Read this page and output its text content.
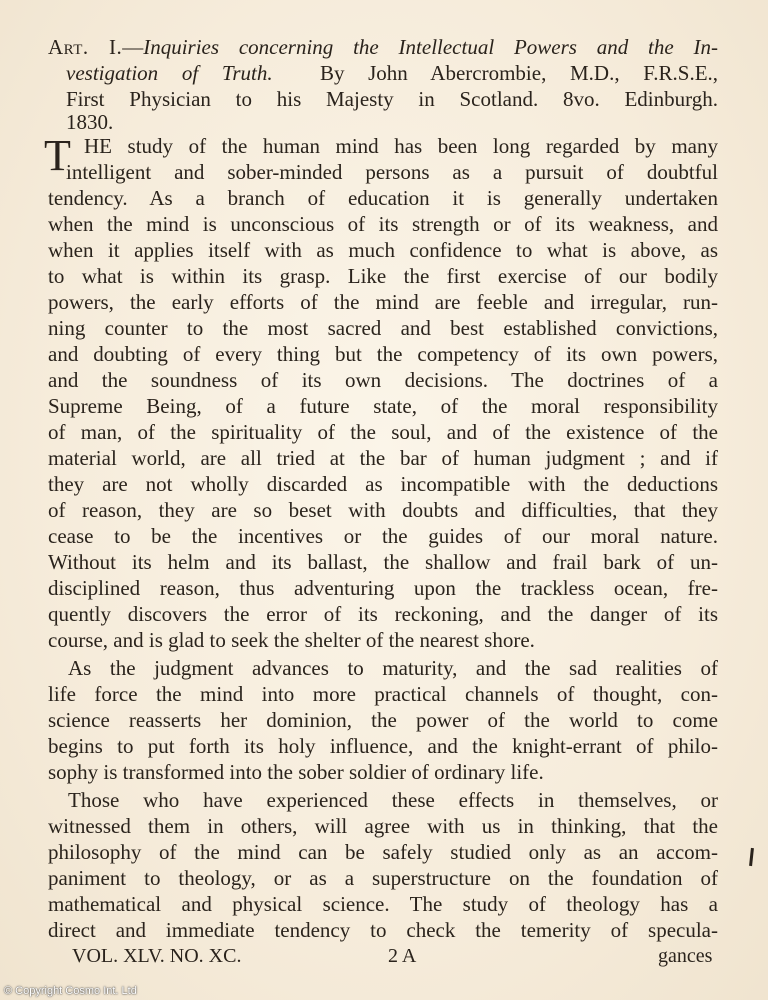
Art. I.—Inquiries concerning the Intellectual Powers and the In-
vestigation of Truth. By John Abercrombie, M.D., F.R.S.E.,
First Physician to his Majesty in Scotland. 8vo. Edinburgh.
1830.
T HE study of the human mind has been long regarded by many
intelligent and sober-minded persons as a pursuit of doubtful
tendency. As a branch of education it is generally undertaken
when the mind is unconscious of its strength or of its weakness, and
when it applies itself with as much confidence to what is above, as
to what is within its grasp. Like the first exercise of our bodily
powers, the early efforts of the mind are feeble and irregular, run-
ning counter to the most sacred and best established convictions,
and doubting of every thing but the competency of its own powers,
and the soundness of its own decisions. The doctrines of a
Supreme Being, of a future state, of the moral responsibility
of man, of the spirituality of the soul, and of the existence of the
material world, are all tried at the bar of human judgment ; and if
they are not wholly discarded as incompatible with the deductions
of reason, they are so beset with doubts and difficulties, that they
cease to be the incentives or the guides of our moral nature.
Without its helm and its ballast, the shallow and frail bark of un-
disciplined reason, thus adventuring upon the trackless ocean, fre-
quently discovers the error of its reckoning, and the danger of its
course, and is glad to seek the shelter of the nearest shore.
As the judgment advances to maturity, and the sad realities of
life force the mind into more practical channels of thought, con-
science reasserts her dominion, the power of the world to come
begins to put forth its holy influence, and the knight-errant of philo-
sophy is transformed into the sober soldier of ordinary life.
Those who have experienced these effects in themselves, or
witnessed them in others, will agree with us in thinking, that the
philosophy of the mind can be safely studied only as an accom-
paniment to theology, or as a superstructure on the foundation of
mathematical and physical science. The study of theology has a
direct and immediate tendency to check the temerity of specula-
VOL. XLV. NO. XC.	2 A	gances
© Copyright Cosmo Int. Ltd
